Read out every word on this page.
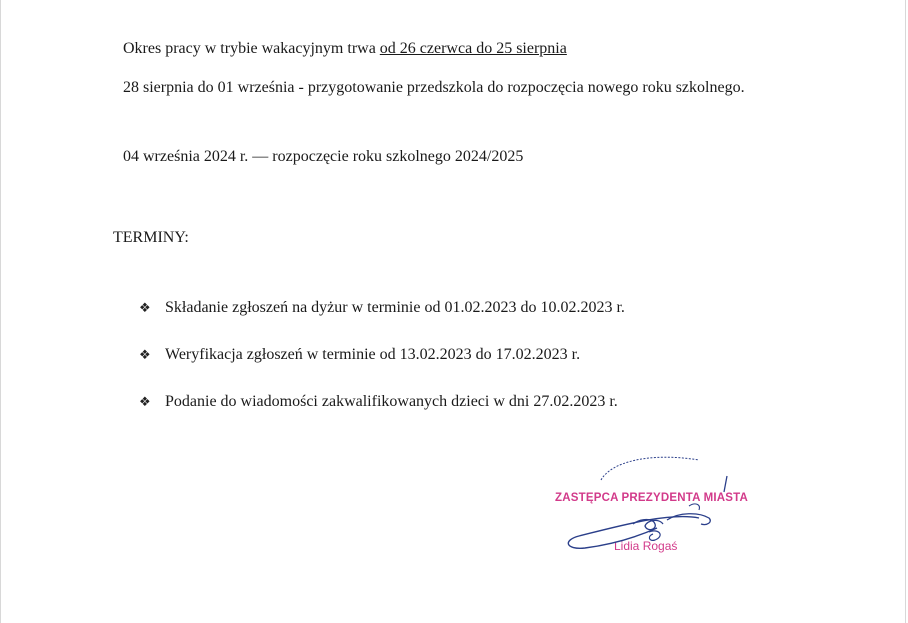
Okres pracy w trybie wakacyjnym trwa od 26 czerwca do 25 sierpnia

28 sierpnia do 01 września - przygotowanie przedszkola do rozpoczęcia nowego roku szkolnego.

04 września 2024 r. — rozpoczęcie roku szkolnego 2024/2025

TERMINY:

❖ Składanie zgłoszeń na dyżur w terminie od 01.02.2023 do 10.02.2023 r.
❖ Weryfikacja zgłoszeń w terminie od 13.02.2023 do 17.02.2023 r.
❖ Podanie do wiadomości zakwalifikowanych dzieci w dni 27.02.2023 r.

ZASTĘPCA PREZYDENTA MIASTA

Lidia Rogaś
